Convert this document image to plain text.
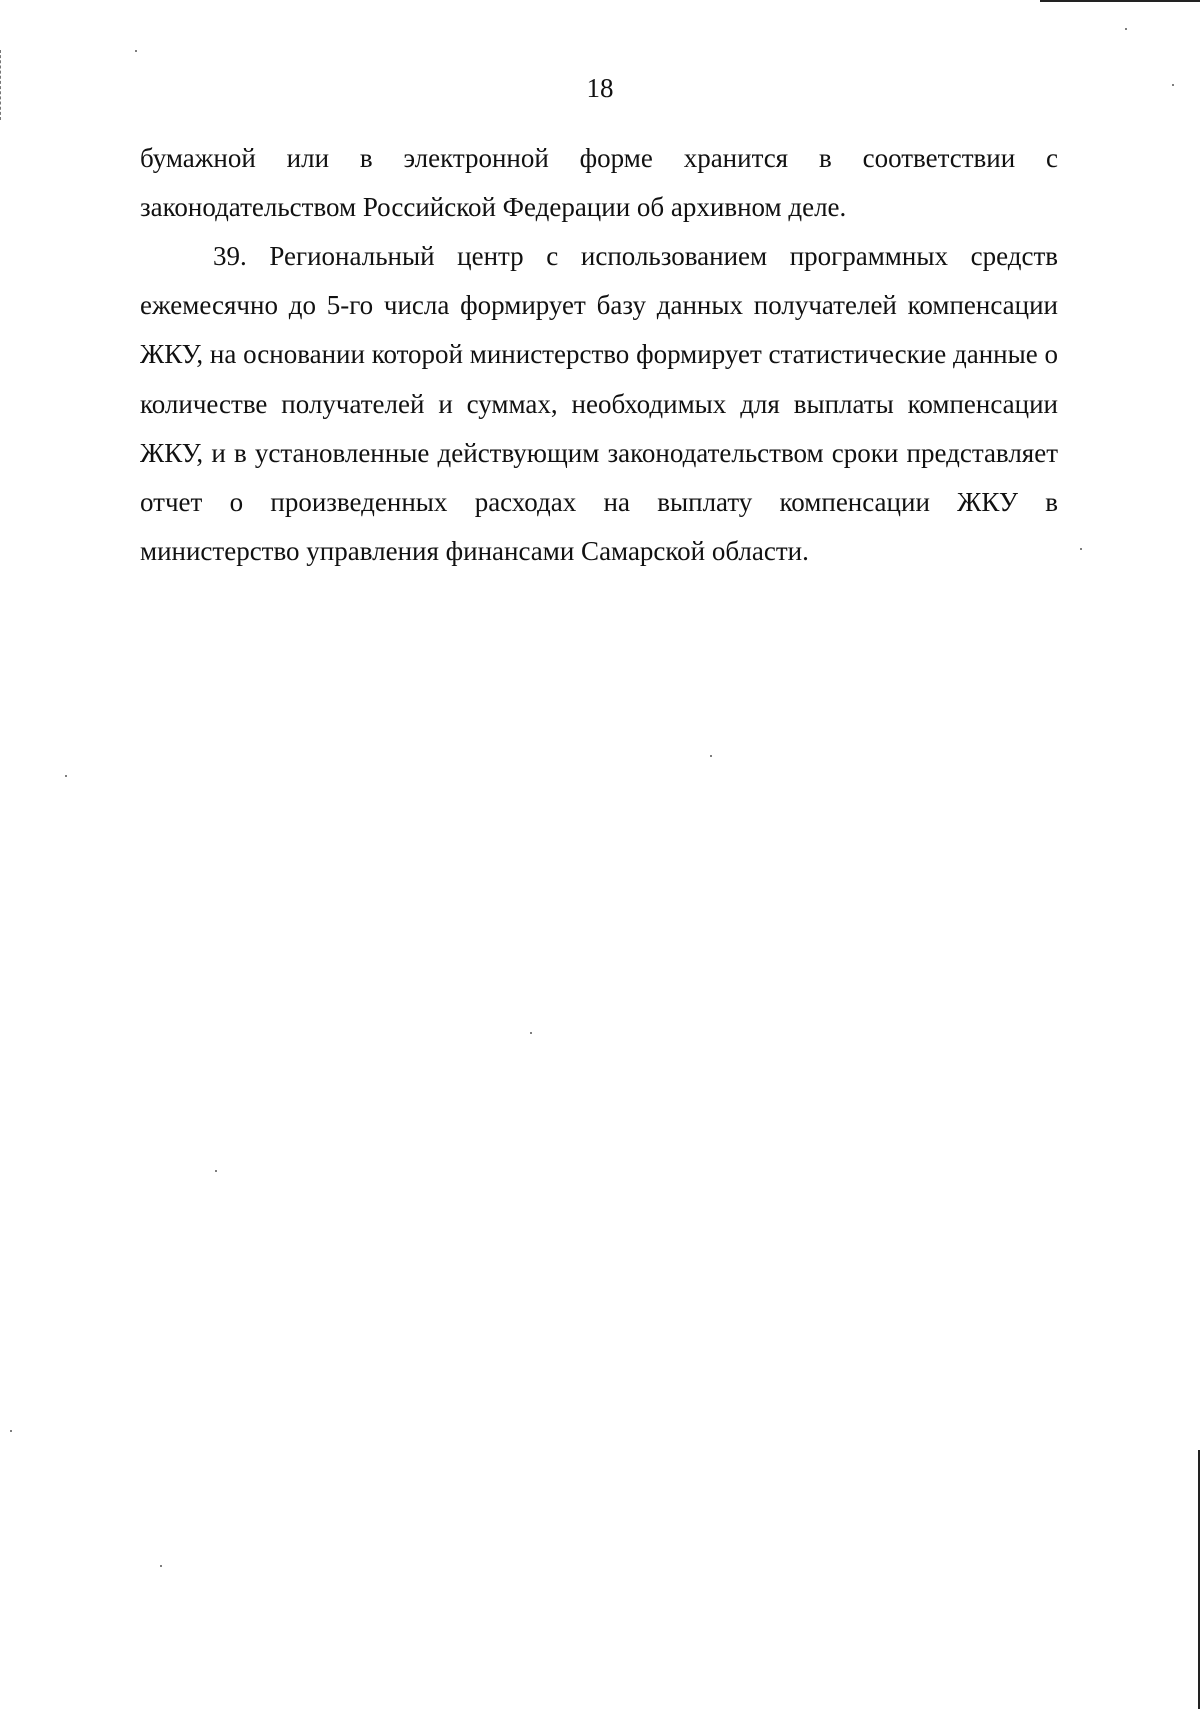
18

бумажной или в электронной форме хранится в соответствии с законодательством Российской Федерации об архивном деле.

39. Региональный центр с использованием программных средств ежемесячно до 5-го числа формирует базу данных получателей компенсации ЖКУ, на основании которой министерство формирует статистические данные о количестве получателей и суммах, необходимых для выплаты компенсации ЖКУ, и в установленные действующим законодательством сроки представляет отчет о произведенных расходах на выплату компенсации ЖКУ в министерство управления финансами Самарской области.
